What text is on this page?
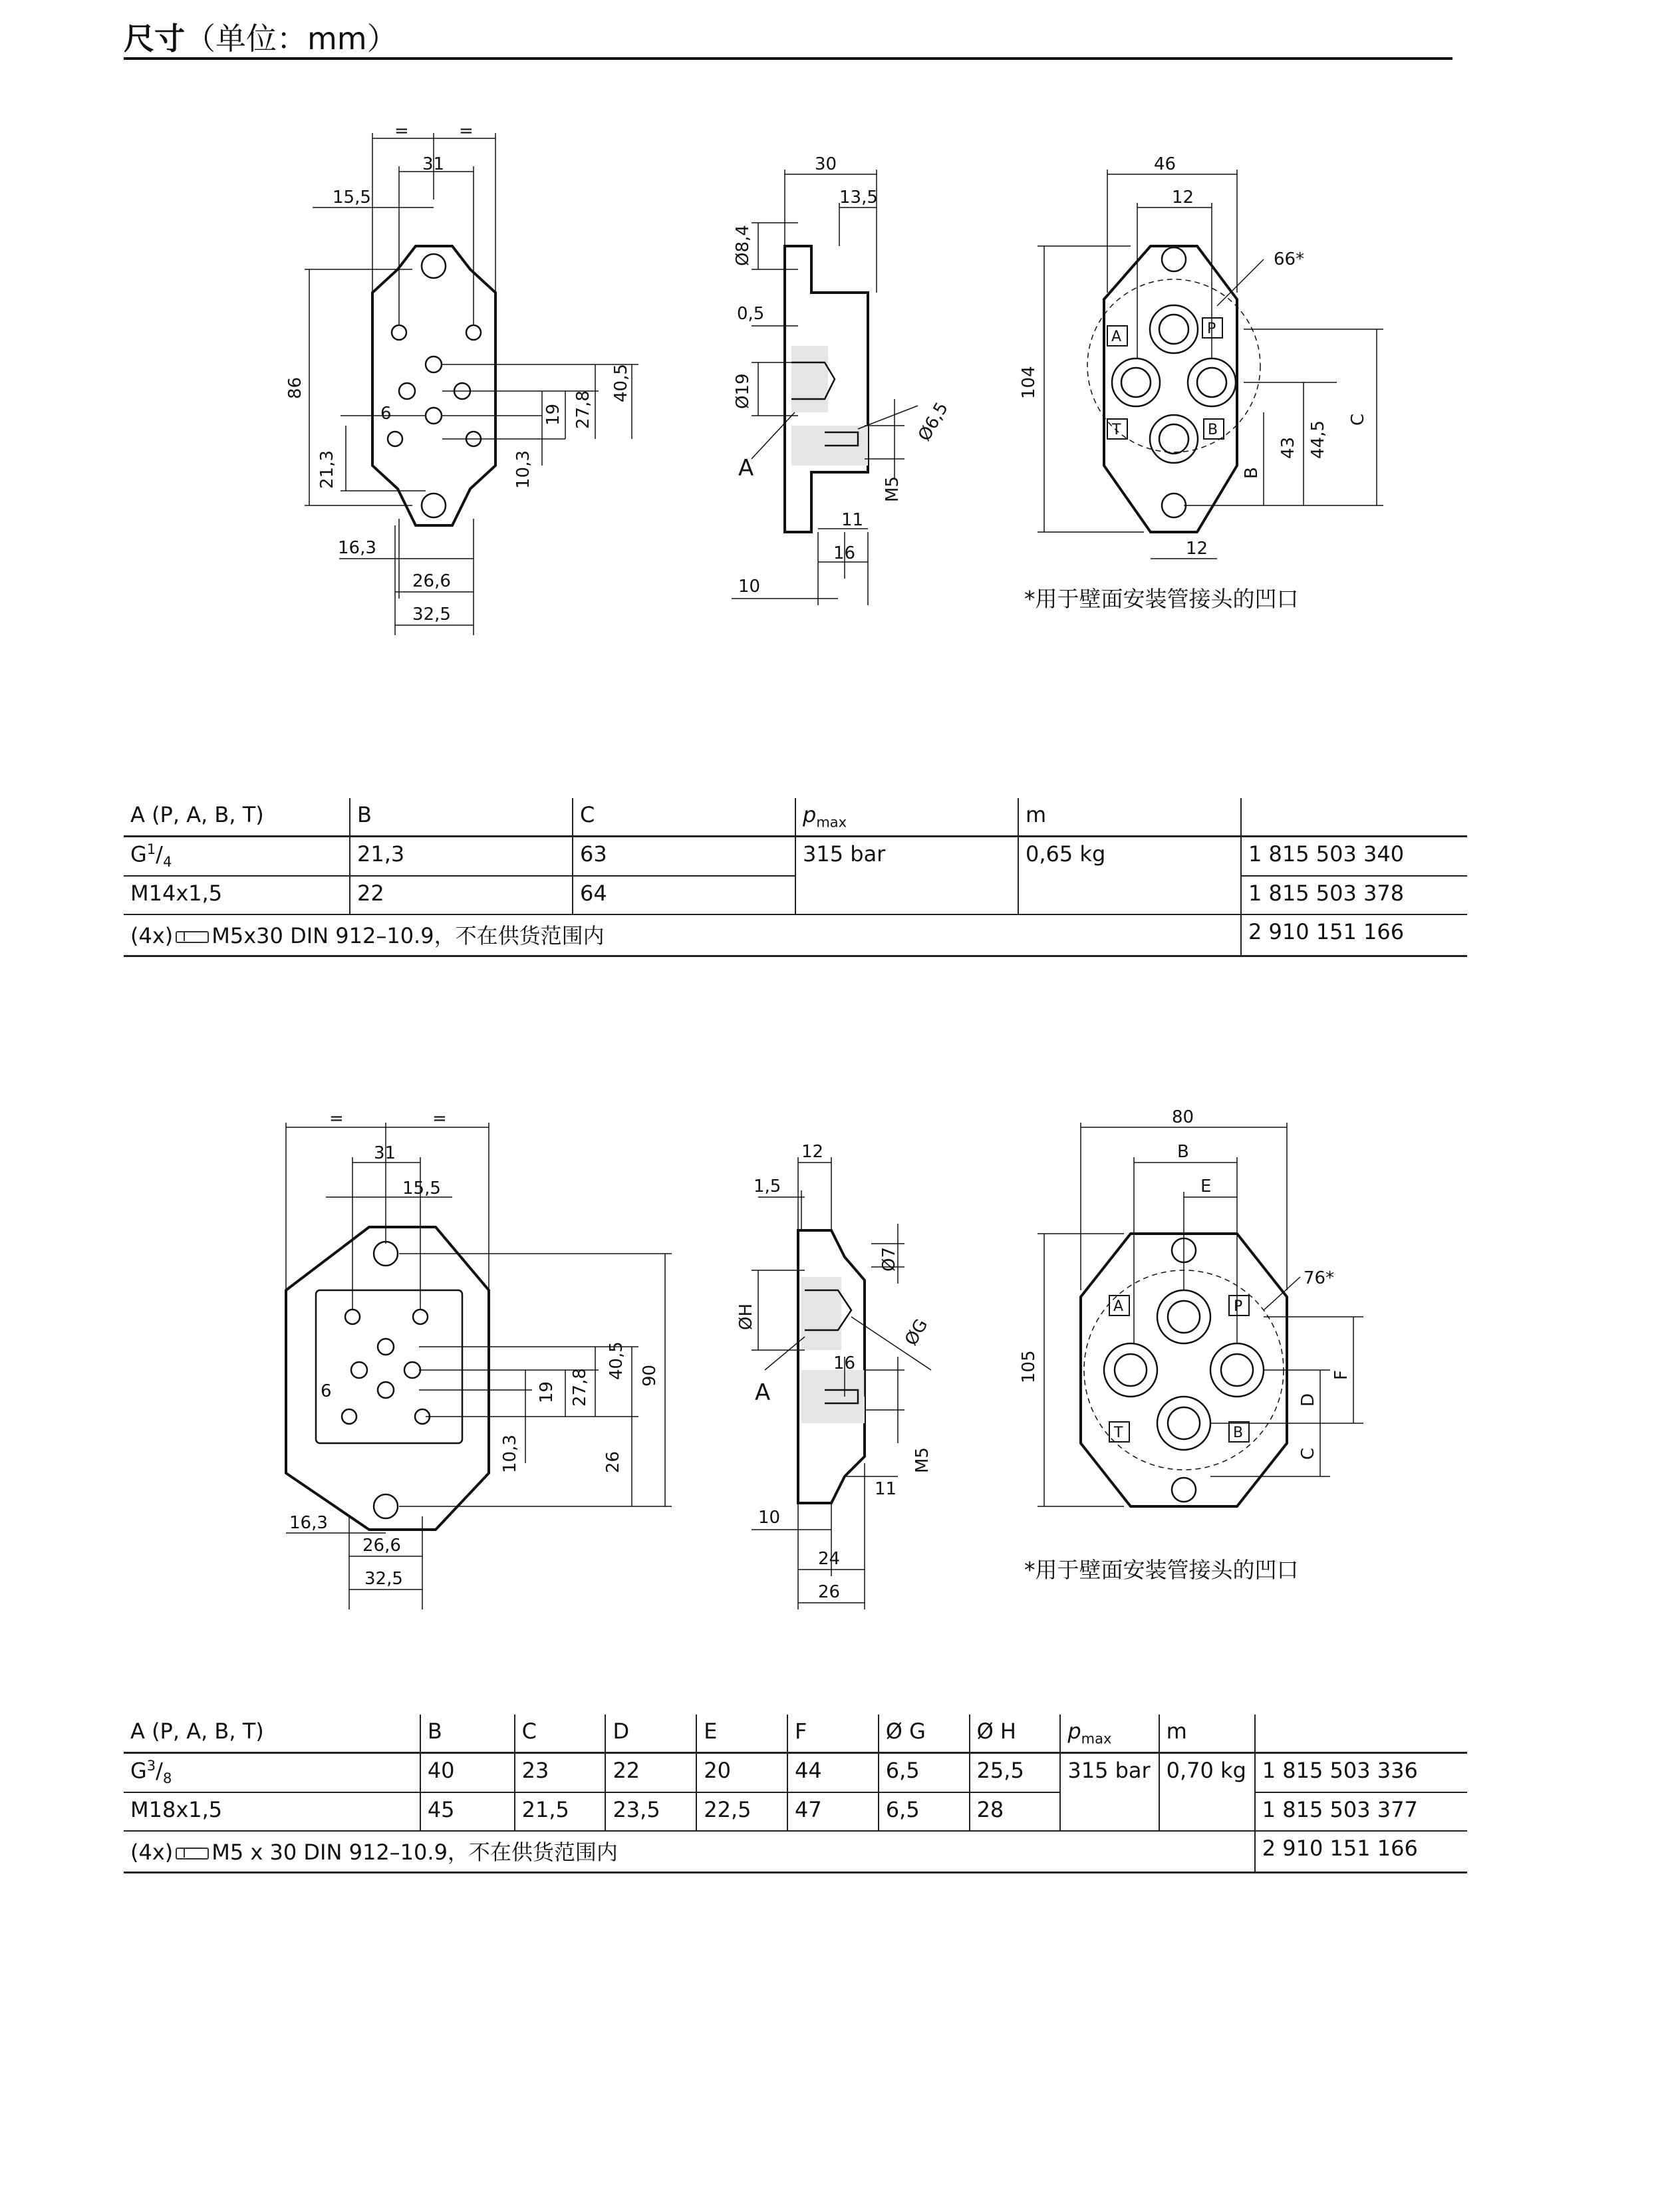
尺寸（单位：mm）
=	=
31
15,5
86
6	19 27,8
40,5
21,3	10,3
16,3
26,6
32,5
30
13,5
Ø8,4
0,5
Ø19
A
Ø6,5
M5
11
16
10
46
12
66*
104
C
44,5
43
B
12
A	P
T	B
*用于壁面安装管接头的凹口
A (P, A, B, T)	B	C	$p_{max}$	m	
$G^1/_4$	21,3	63	315 bar	0,65 kg	1 815 503 340
M14x1,5	22	64			1 815 503 378
(4x) M5x30 DIN 912–10.9，不在供货范围内					2 910 151 166
=	=
31
15,5
6	19 27,8
40,5 90
10,3	26
16,3
26,6
32,5
12
1,5
Ø7
ØH	ØG
A
16
M5
11
10
24
26
80
B
E
76*
105	F
D
C
A	P
T	B
*用于壁面安装管接头的凹口
A (P, A, B, T)	B	C	D	E	F	Ø G	Ø H	$p_{max}$	m	
$G^3/_8$	40	23	22	20	44	6,5	25,5	315 bar	0,70 kg	1 815 503 336
M18x1,5	45	21,5	23,5	22,5	47	6,5	28			1 815 503 377
(4x) M5 x 30 DIN 912–10.9，不在供货范围内										2 910 151 166
